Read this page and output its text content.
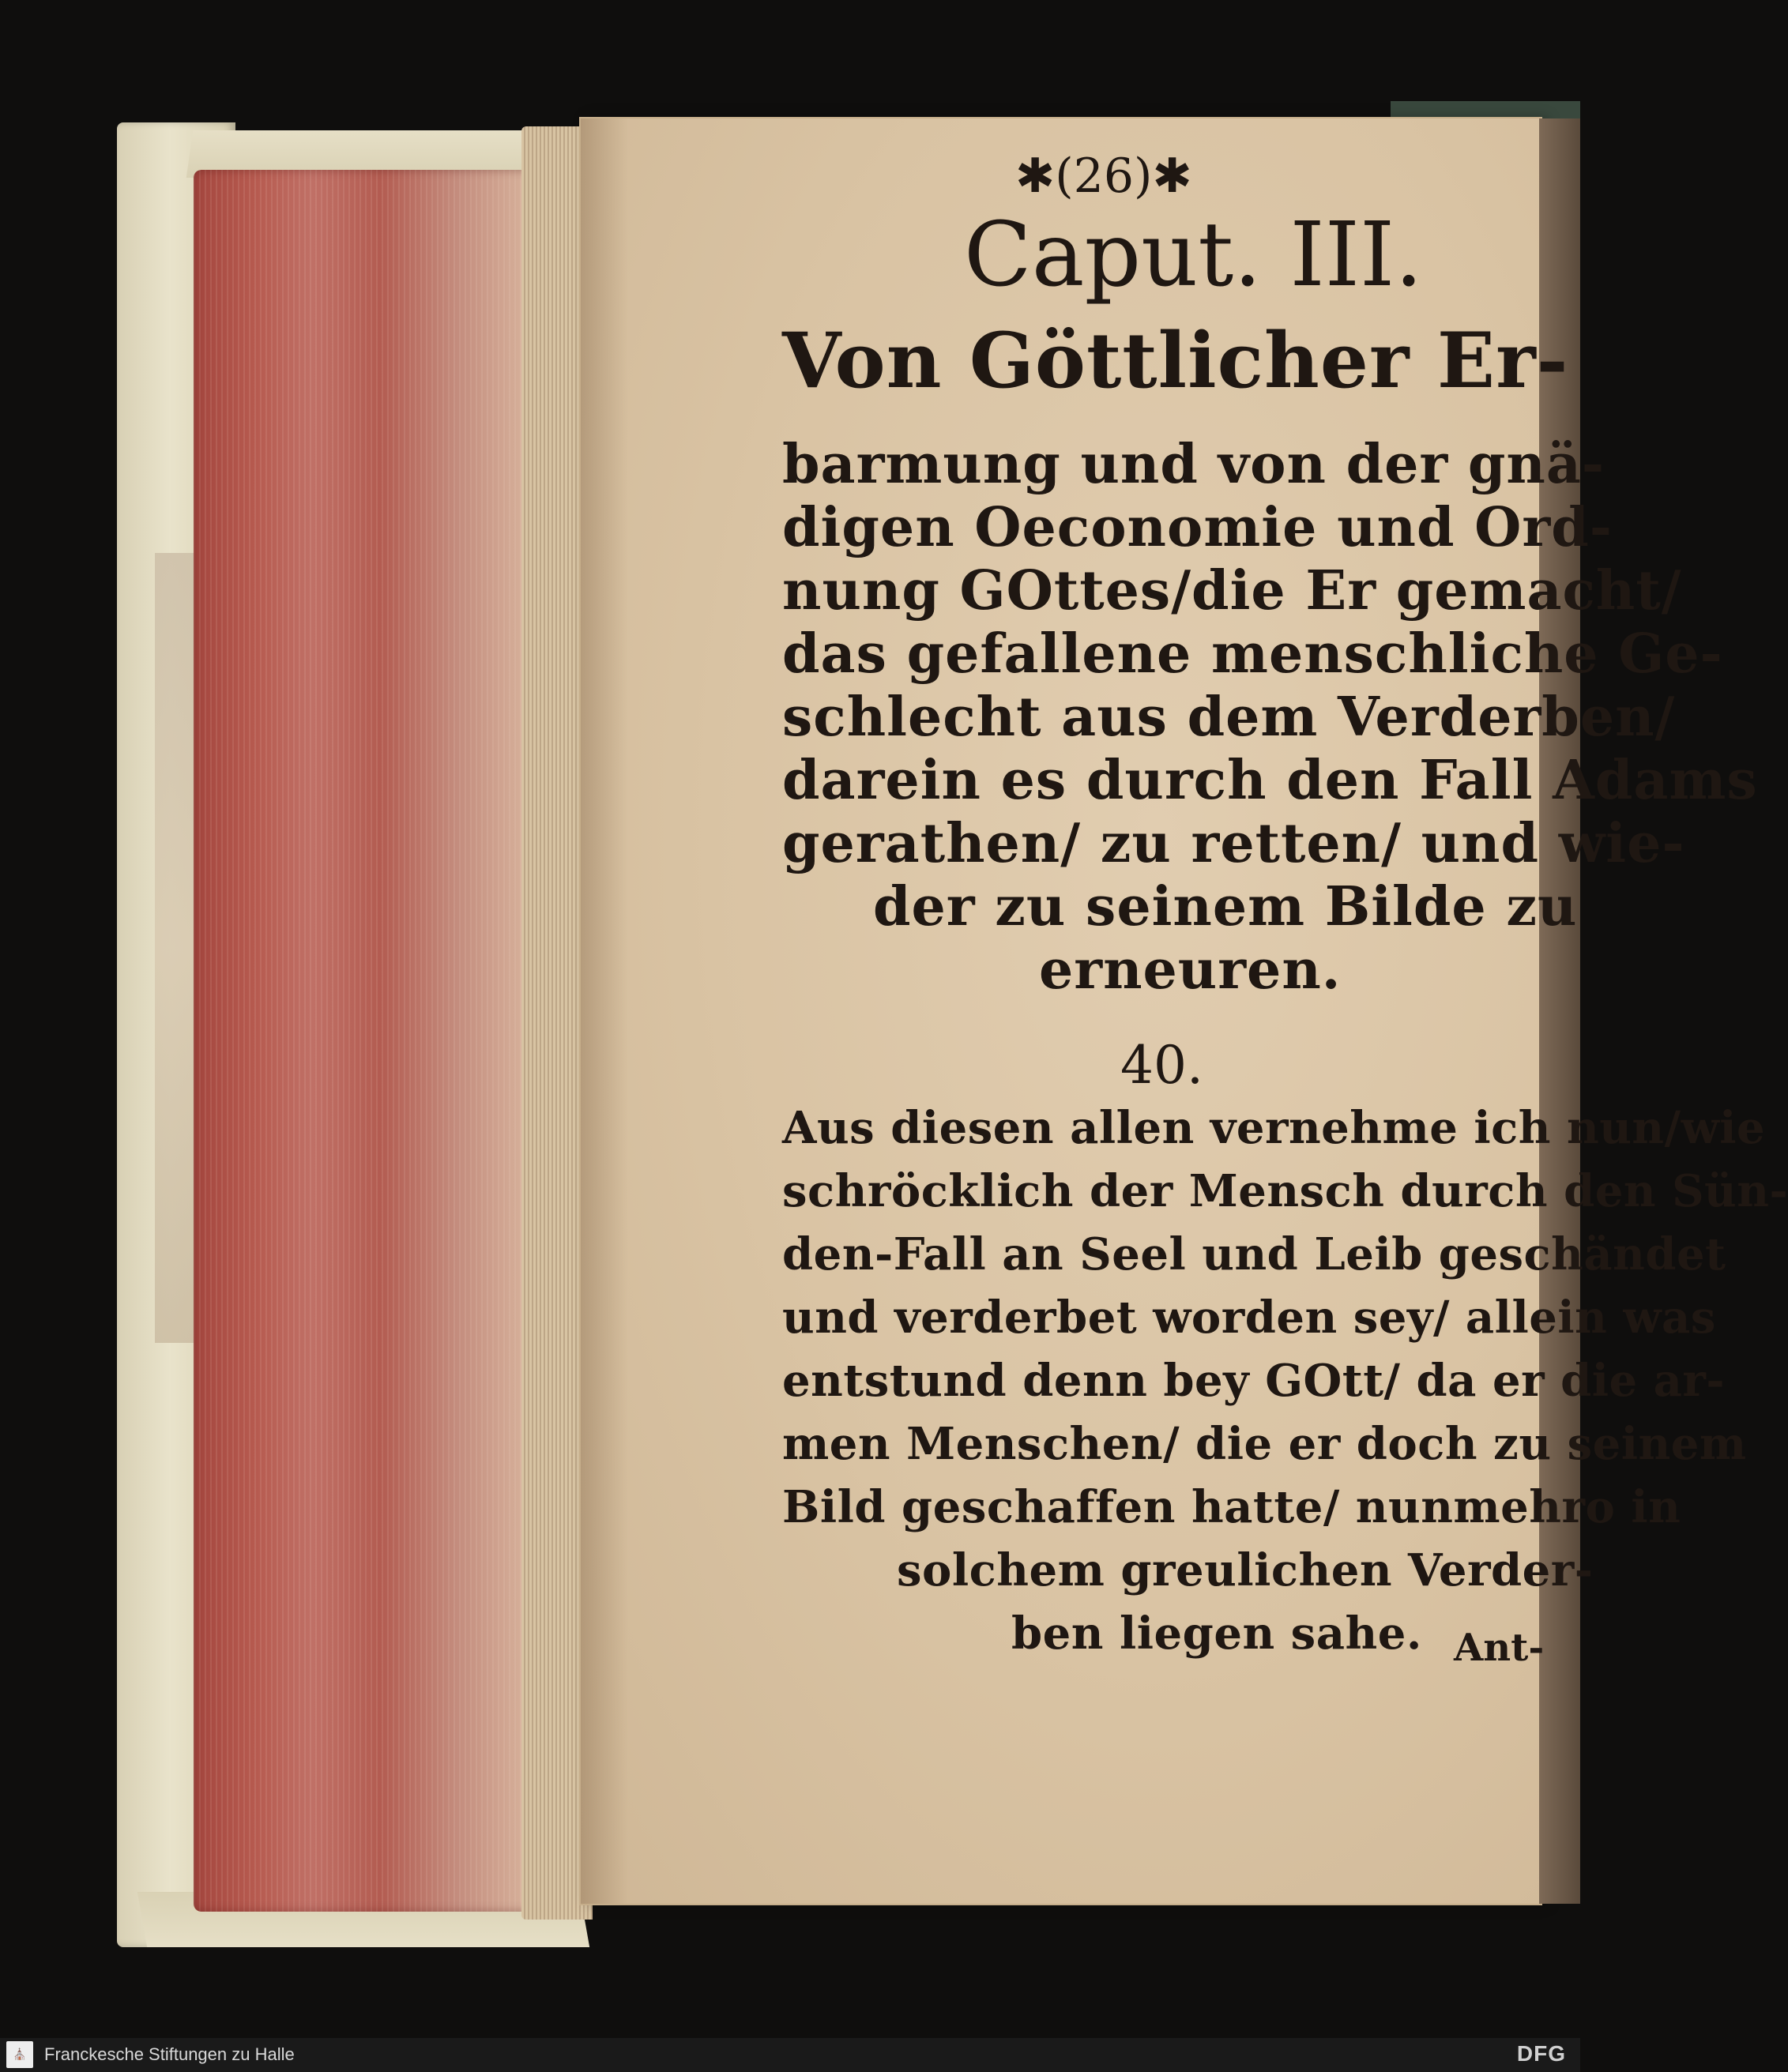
✱(26)✱
Caput. III.
Von Göttlicher Er-
barmung und von der gnä-
digen Oeconomie und Ord-
nung GOttes/die Er gemacht/
das gefallene menschliche Ge-
schlecht aus dem Verderben/
darein es durch den Fall Adams
gerathen/ zu retten/ und wie-
der zu seinem Bilde zu
erneuren.
40.
Aus diesen allen vernehme ich nun/wie
schröcklich der Mensch durch den Sün-
den-Fall an Seel und Leib geschändet
und verderbet worden sey/ allein was
entstund denn bey GOtt/ da er die ar-
men Menschen/ die er doch zu seinem
Bild geschaffen hatte/ nunmehro in
solchem greulichen Verder-
ben liegen sahe. Ant-
⛪	Franckesche Stiftungen zu Halle	DFG
